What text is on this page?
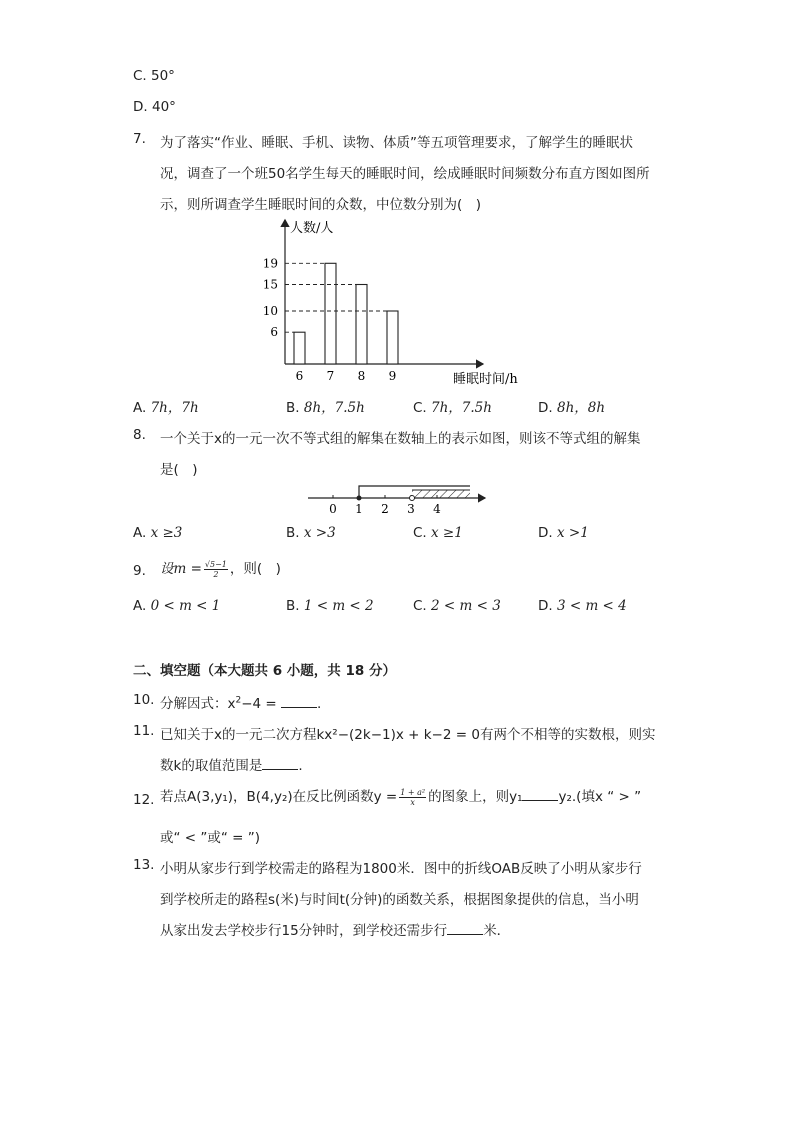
C. 50°
D. 40°
7. 为了落实“作业、睡眠、手机、读物、体质”等五项管理要求，了解学生的睡眠状
况，调查了一个班50名学生每天的睡眠时间，绘成睡眠时间频数分布直方图如图所
示，则所调查学生睡眠时间的众数，中位数分别为(　)
人数/人
睡眠时间/h
6 7 8 9
6
10
15
19
A. 7h，7h	B. 8h，7.5h	C. 7h，7.5h	D. 8h，8h
8. 一个关于x的一元一次不等式组的解集在数轴上的表示如图，则该不等式组的解集
是(　)
0 1 2 3 4
A. x ≥3	B. x >3	C. x ≥1	D. x >1
9. 设$m = \frac{√5-1}{2}$ ，则(　)
A. 0 < m < 1	B. 1 < m < 2	C. 2 < m < 3	D. 3 < m < 4
二、填空题（本大题共 6 小题，共 18 分）
10. 分解因式：$x^2-4$ =	.
11. 已知关于x的一元二次方程kx²−(2k−1)x + k−2 = 0有两个不相等的实数根，则实
数k的取值范围是	.
12. 若点A(3,y₁)，B(4,y₂)在反比例函数$y = \frac{\text{1 + a²}}{x}$ 的图象上，则y₁	y₂.(填x “ > ”
或“ < ”或“ = ”)
13. 小明从家步行到学校需走的路程为1800米．图中的折线OAB反映了小明从家步行
到学校所走的路程s(米)与时间t(分钟)的函数关系，根据图象提供的信息，当小明
从家出发去学校步行15分钟时，到学校还需步行	米．
